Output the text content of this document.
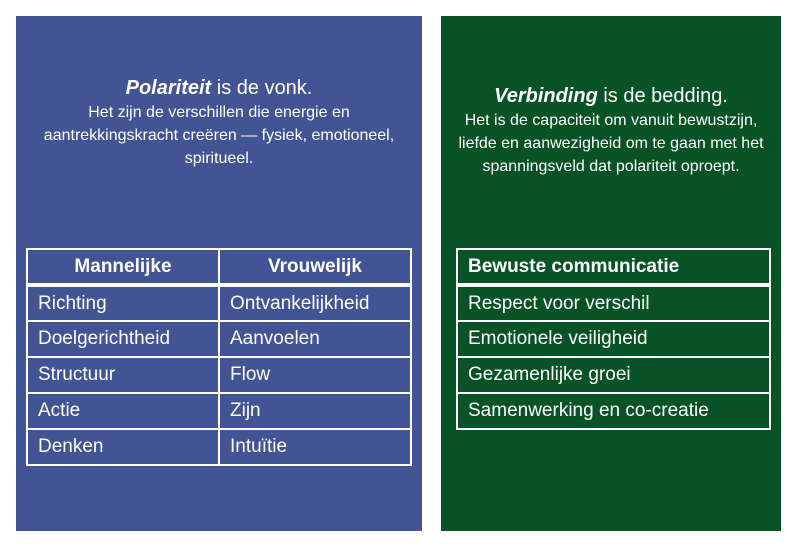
Polariteit is de vonk.
Het zijn de verschillen die energie en aantrekkingskracht creëren — fysiek, emotioneel, spiritueel.
Mannelijke	Vrouwelijk
Richting	Ontvankelijkheid
Doelgerichtheid	Aanvoelen
Structuur	Flow
Actie	Zijn
Denken	Intuïtie
Verbinding is de bedding.
Het is de capaciteit om vanuit bewustzijn, liefde en aanwezigheid om te gaan met het spanningsveld dat polariteit oproept.
Bewuste communicatie
Respect voor verschil
Emotionele veiligheid
Gezamenlijke groei
Samenwerking en co-creatie
